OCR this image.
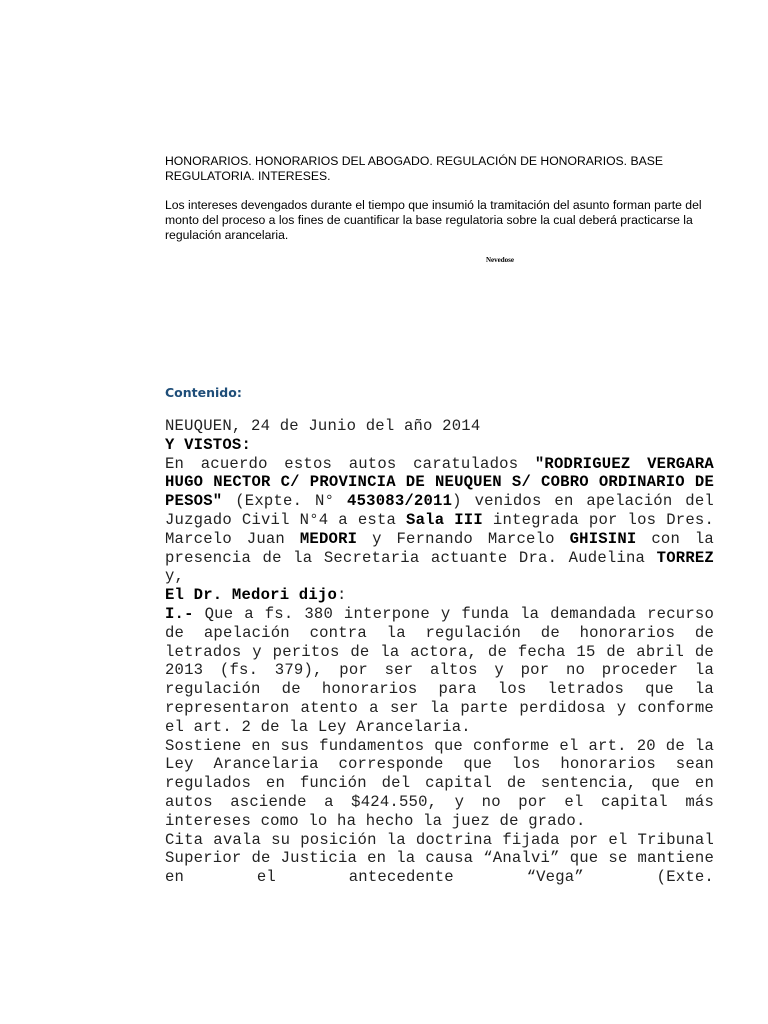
HONORARIOS. HONORARIOS DEL ABOGADO. REGULACIÓN DE HONORARIOS. BASE REGULATORIA. INTERESES.

Los intereses devengados durante el tiempo que insumió la tramitación del asunto forman parte del monto del proceso a los fines de cuantificar la base regulatoria sobre la cual deberá practicarse la regulación arancelaria.

Nevedose
Contenido:

NEUQUEN, 24 de Junio del año 2014

Y VISTOS:

En acuerdo estos autos caratulados "RODRIGUEZ VERGARA HUGO NECTOR C/ PROVINCIA DE NEUQUEN S/ COBRO ORDINARIO DE PESOS" (Expte. N° 453083/2011) venidos en apelación del Juzgado Civil N°4 a esta Sala III integrada por los Dres. Marcelo Juan MEDORI y Fernando Marcelo GHISINI con la presencia de la Secretaria actuante Dra. Audelina TORREZ y,

El Dr. Medori dijo:

I.- Que a fs. 380 interpone y funda la demandada recurso de apelación contra la regulación de honorarios de letrados y peritos de la actora, de fecha 15 de abril de 2013 (fs. 379), por ser altos y por no proceder la regulación de honorarios para los letrados que la representaron atento a ser la parte perdidosa y conforme el art. 2 de la Ley Arancelaria.

Sostiene en sus fundamentos que conforme el art. 20 de la Ley Arancelaria corresponde que los honorarios sean regulados en función del capital de sentencia, que en autos asciende a $424.550, y no por el capital más intereses como lo ha hecho la juez de grado.

Cita avala su posición la doctrina fijada por el Tribunal Superior de Justicia en la causa “Analvi” que se mantiene en el antecedente “Vega” (Exte.
